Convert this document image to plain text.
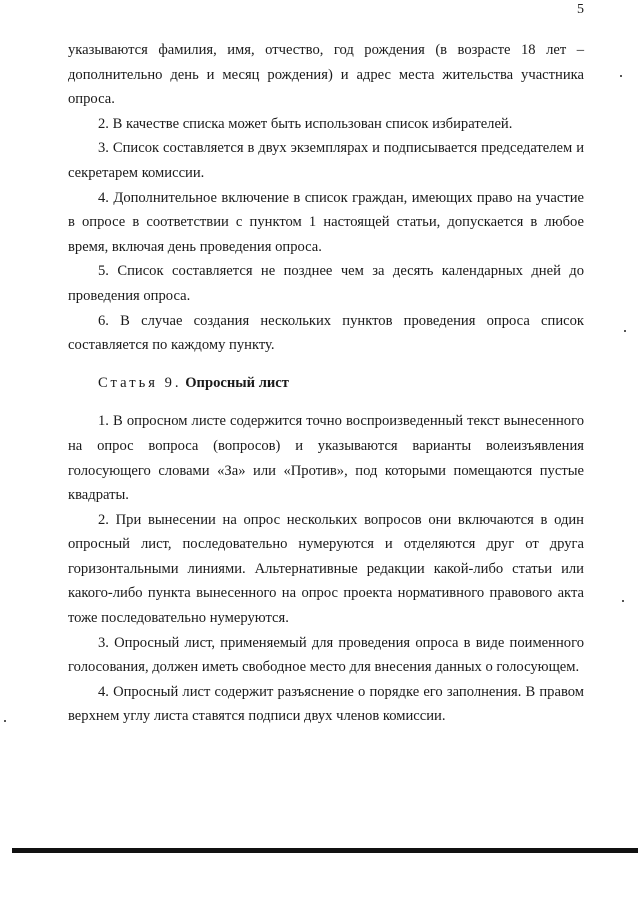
5

указываются фамилия, имя, отчество, год рождения (в возрасте 18 лет – дополнительно день и месяц рождения) и адрес места жительства участника опроса.

2. В качестве списка может быть использован список избирателей.

3. Список составляется в двух экземплярах и подписывается председателем и секретарем комиссии.

4. Дополнительное включение в список граждан, имеющих право на участие в опросе в соответствии с пунктом 1 настоящей статьи, допускается в любое время, включая день проведения опроса.

5. Список составляется не позднее чем за десять календарных дней до проведения опроса.

6. В случае создания нескольких пунктов проведения опроса список составляется по каждому пункту.

Статья 9. Опросный лист

1. В опросном листе содержится точно воспроизведенный текст вынесенного на опрос вопроса (вопросов) и указываются варианты волеизъявления голосующего словами «За» или «Против», под которыми помещаются пустые квадраты.

2. При вынесении на опрос нескольких вопросов они включаются в один опросный лист, последовательно нумеруются и отделяются друг от друга горизонтальными линиями. Альтернативные редакции какой-либо статьи или какого-либо пункта вынесенного на опрос проекта нормативного правового акта тоже последовательно нумеруются.

3. Опросный лист, применяемый для проведения опроса в виде поименного голосования, должен иметь свободное место для внесения данных о голосующем.

4. Опросный лист содержит разъяснение о порядке его заполнения. В правом верхнем углу листа ставятся подписи двух членов комиссии.
